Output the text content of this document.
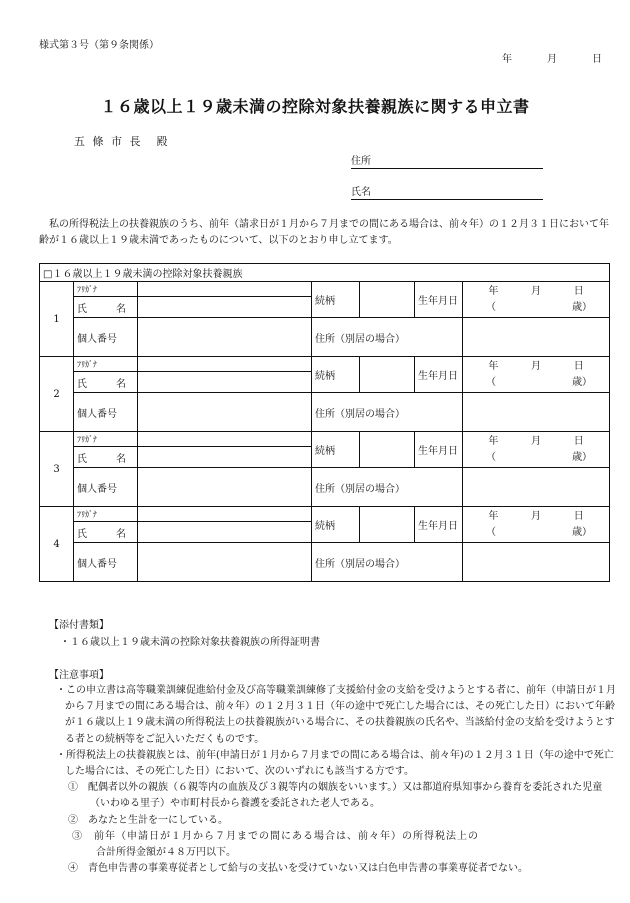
様式第３号（第９条関係）
年	月	日
１６歳以上１９歳未満の控除対象扶養親族に関する申立書
五 條 市 長 殿
住所
氏名
私の所得税法上の扶養親族のうち、前年（請求日が１月から７月までの間にある場合は、前々年）の１２月３１日において年齢が１６歳以上１９歳未満であったものについて、以下のとおり申し立てます。
□１６歳以上１９歳未満の控除対象扶養親族						
1	ﾌﾘｶﾞﾅ		続柄		生年月日	年 月 日
（ 歳）

	氏　　名					
	個人番号		住所（別居の場合）			
2	ﾌﾘｶﾞﾅ		続柄		生年月日	年 月 日
（ 歳）

	氏　　名					
	個人番号		住所（別居の場合）			
3	ﾌﾘｶﾞﾅ		続柄		生年月日	年 月 日
（ 歳）

	氏　　名					
	個人番号		住所（別居の場合）			
4	ﾌﾘｶﾞﾅ		続柄		生年月日	年 月 日
（ 歳）

	氏　　名					
	個人番号		住所（別居の場合）			
【添付書類】
・１６歳以上１９歳未満の控除対象扶養親族の所得証明書
【注意事項】

・この申立書は高等職業訓練促進給付金及び高等職業訓練修了支援給付金の支給を受けようとする者に、前年（申請日が１月から７月までの間にある場合は、前々年）の１２月３１日（年の途中で死亡した場合には、その死亡した日）において年齢が１６歳以上１９歳未満の所得税法上の扶養親族がいる場合に、その扶養親族の氏名や、当該給付金の支給を受けようとする者との続柄等をご記入いただくものです。

・所得税法上の扶養親族とは、前年(申請日が１月から７月までの間にある場合は、前々年)の１２月３１日（年の途中で死亡した場合には、その死亡した日）において、次のいずれにも該当する方です。

①　配偶者以外の親族（６親等内の血族及び３親等内の姻族をいいます。）又は都道府県知事から養育を委託された児童（いわゆる里子）や市町村長から養護を委託された老人である。

②　あなたと生計を一にしている。

③　前年（申請日が１月から７月までの間にある場合は、前々年）の所得税法上の
合計所得金額が４８万円以下。

④　青色申告書の事業専従者として給与の支払いを受けていない又は白色申告書の事業専従者でない。
